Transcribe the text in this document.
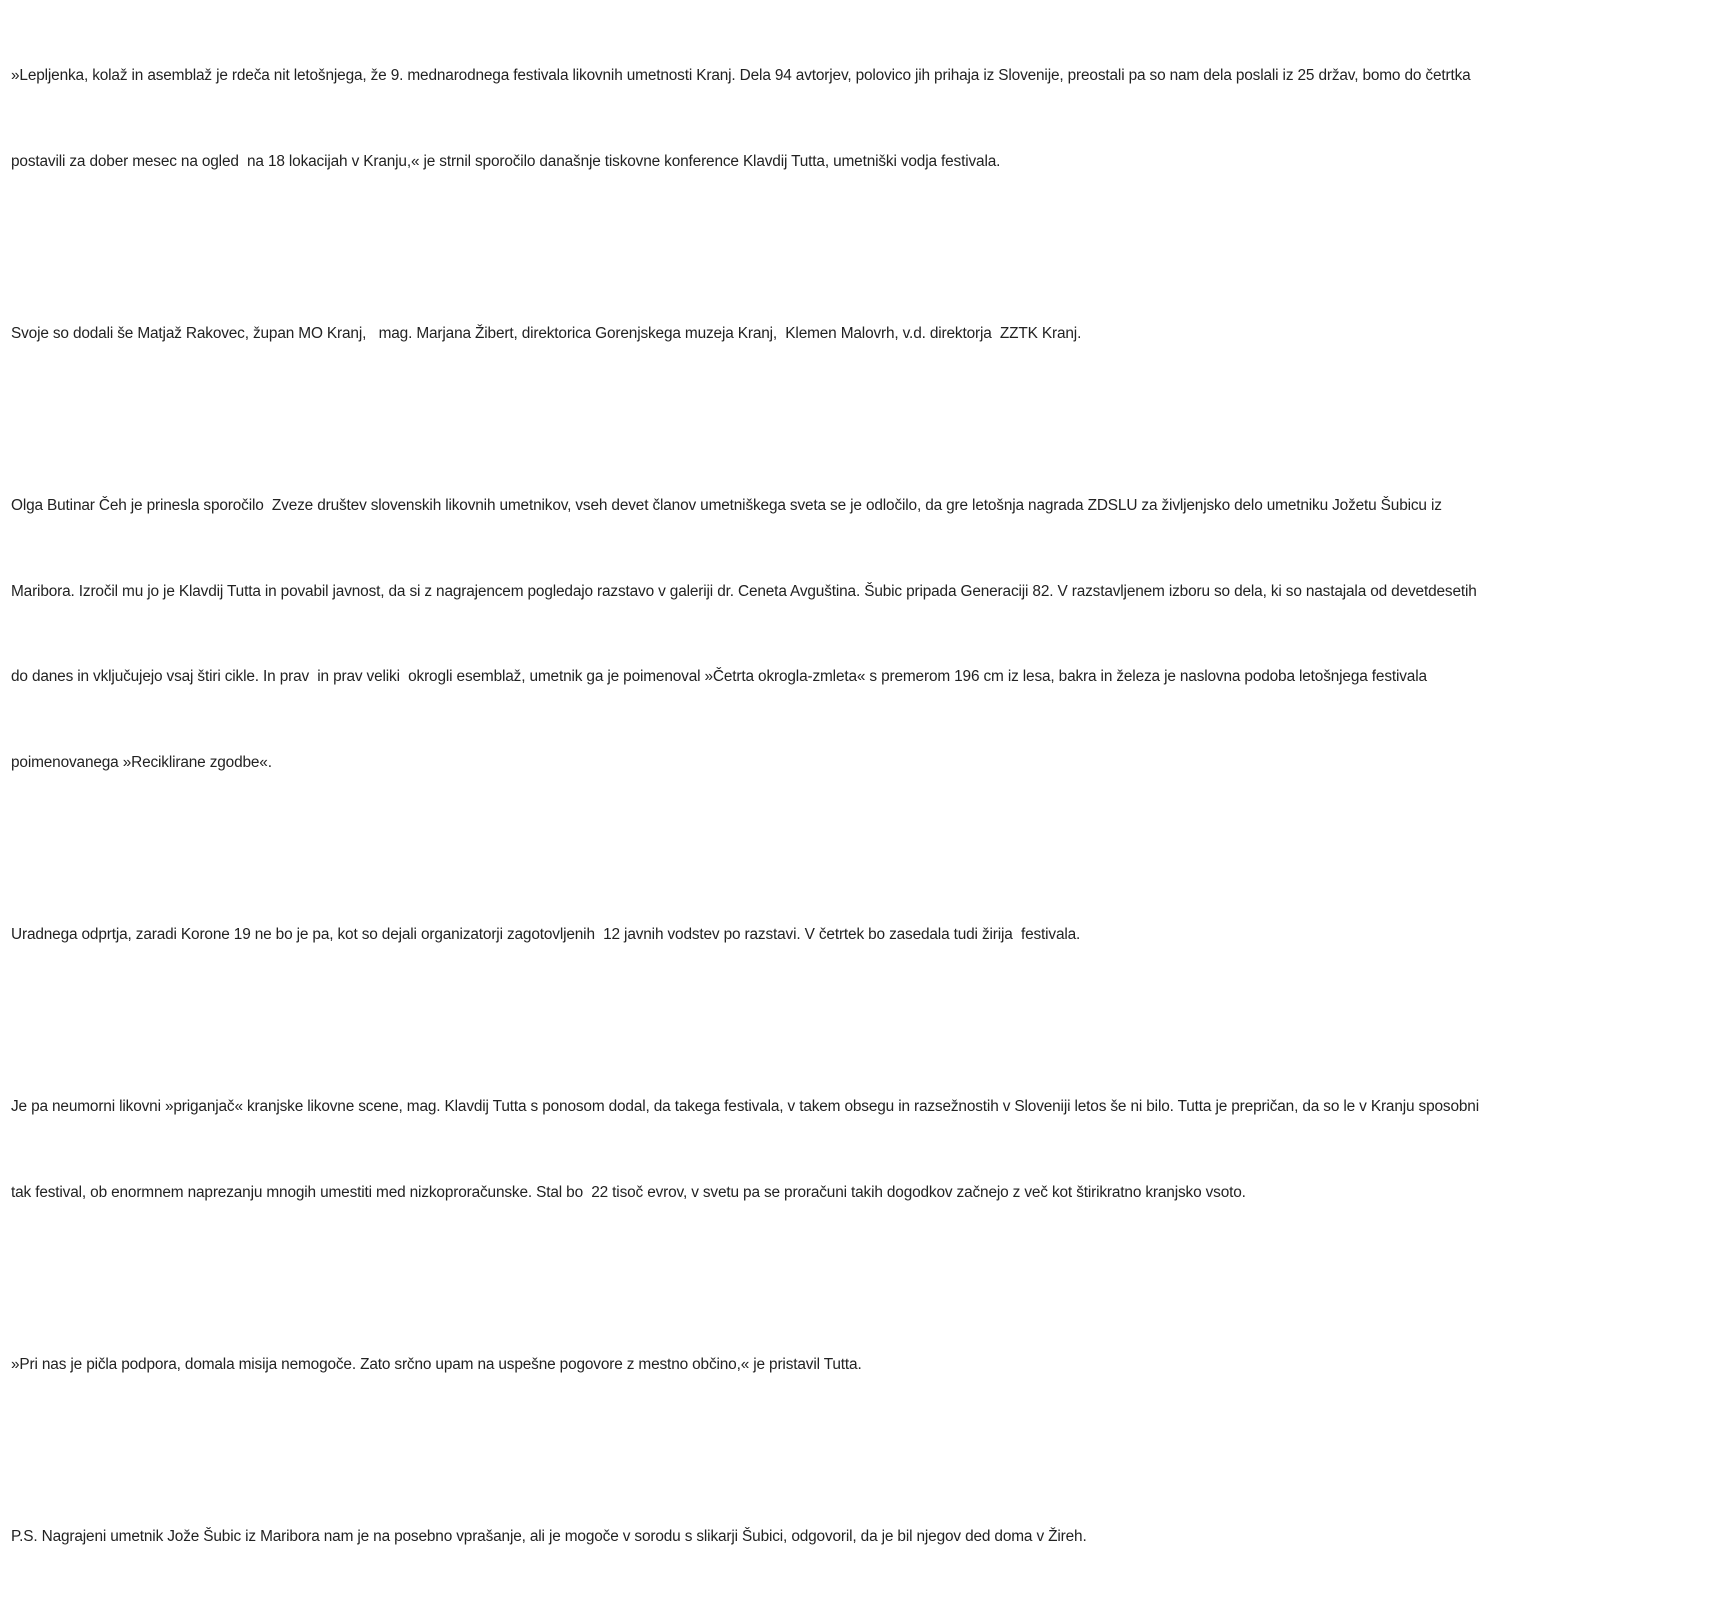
»Lepljenka, kolaž in asemblaž je rdeča nit letošnjega, že 9. mednarodnega festivala likovnih umetnosti Kranj. Dela 94 avtorjev, polovico jih prihaja iz Slovenije, preostali pa so nam dela poslali iz 25 držav, bomo do četrtka

postavili za dober mesec na ogled  na 18 lokacijah v Kranju,« je strnil sporočilo današnje tiskovne konference Klavdij Tutta, umetniški vodja festivala.

Svoje so dodali še Matjaž Rakovec, župan MO Kranj,   mag. Marjana Žibert, direktorica Gorenjskega muzeja Kranj,  Klemen Malovrh, v.d. direktorja  ZZTK Kranj.

Olga Butinar Čeh je prinesla sporočilo  Zveze društev slovenskih likovnih umetnikov, vseh devet članov umetniškega sveta se je odločilo, da gre letošnja nagrada ZDSLU za življenjsko delo umetniku Jožetu Šubicu iz

Maribora. Izročil mu jo je Klavdij Tutta in povabil javnost, da si z nagrajencem pogledajo razstavo v galeriji dr. Ceneta Avguština. Šubic pripada Generaciji 82. V razstavljenem izboru so dela, ki so nastajala od devetdesetih

do danes in vključujejo vsaj štiri cikle. In prav  in prav veliki  okrogli esemblaž, umetnik ga je poimenoval »Četrta okrogla-zmleta« s premerom 196 cm iz lesa, bakra in železa je naslovna podoba letošnjega festivala

poimenovanega »Reciklirane zgodbe«.

Uradnega odprtja, zaradi Korone 19 ne bo je pa, kot so dejali organizatorji zagotovljenih  12 javnih vodstev po razstavi. V četrtek bo zasedala tudi žirija  festivala.

Je pa neumorni likovni »priganjač« kranjske likovne scene, mag. Klavdij Tutta s ponosom dodal, da takega festivala, v takem obsegu in razsežnostih v Sloveniji letos še ni bilo. Tutta je prepričan, da so le v Kranju sposobni

tak festival, ob enormnem naprezanju mnogih umestiti med nizkoproračunske. Stal bo  22 tisoč evrov, v svetu pa se proračuni takih dogodkov začnejo z več kot štirikratno kranjsko vsoto.

»Pri nas je pičla podpora, domala misija nemogoče. Zato srčno upam na uspešne pogovore z mestno občino,« je pristavil Tutta.

P.S. Nagrajeni umetnik Jože Šubic iz Maribora nam je na posebno vprašanje, ali je mogoče v sorodu s slikarji Šubici, odgovoril, da je bil njegov ded doma v Žireh.
